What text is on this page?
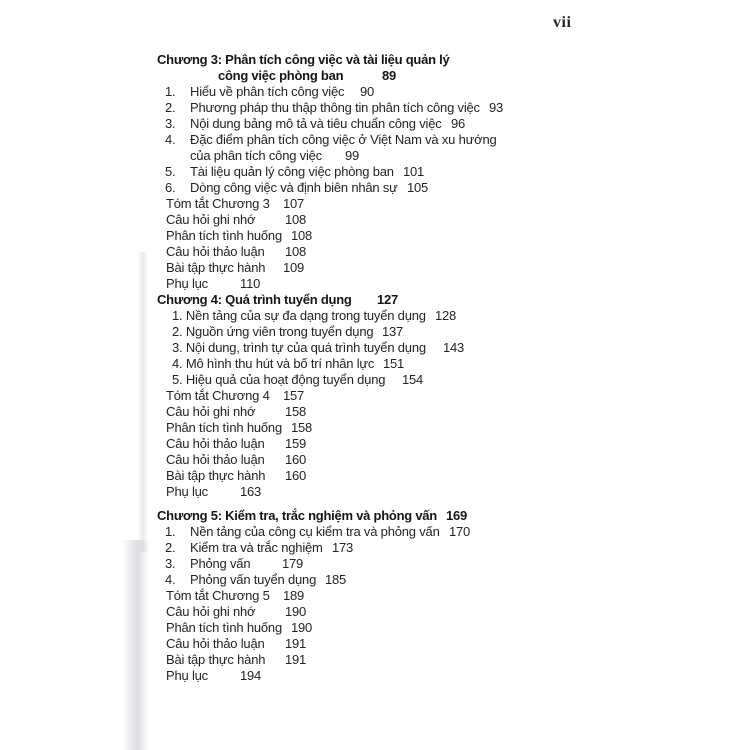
vii
Chương 3: Phân tích công việc và tài liệu quản lý
công việc phòng ban	89
1. Hiểu về phân tích công việc 90
2. Phương pháp thu thập thông tin phân tích công việc 93
3. Nội dung bảng mô tả và tiêu chuẩn công việc 96
4. Đặc điểm phân tích công việc ở Việt Nam và xu hướng
của phân tích công việc 99
5. Tài liệu quản lý công việc phòng ban 101
6. Dòng công việc và định biên nhân sự 105
Tóm tắt Chương 3 107
Câu hỏi ghi nhớ 108
Phân tích tình huống 108
Câu hỏi thảo luận 108
Bài tập thực hành 109
Phụ lục 110
Chương 4: Quá trình tuyển dụng 127
1. Nền tảng của sự đa dạng trong tuyển dụng 128
2. Nguồn ứng viên trong tuyển dụng 137
3. Nội dung, trình tự của quá trình tuyển dụng 143
4. Mô hình thu hút và bố trí nhân lực 151
5. Hiệu quả của hoạt động tuyển dụng 154
Tóm tắt Chương 4 157
Câu hỏi ghi nhớ 158
Phân tích tình huống 158
Câu hỏi thảo luận 159
Câu hỏi thảo luận 160
Bài tập thực hành 160
Phụ lục 163
Chương 5: Kiểm tra, trắc nghiệm và phỏng vấn 169
1. Nền tảng của công cụ kiểm tra và phỏng vấn 170
2. Kiểm tra và trắc nghiệm 173
3. Phỏng vấn 179
4. Phỏng vấn tuyển dụng 185
Tóm tắt Chương 5 189
Câu hỏi ghi nhớ 190
Phân tích tình huống 190
Câu hỏi thảo luận 191
Bài tập thực hành 191
Phụ lục 194
